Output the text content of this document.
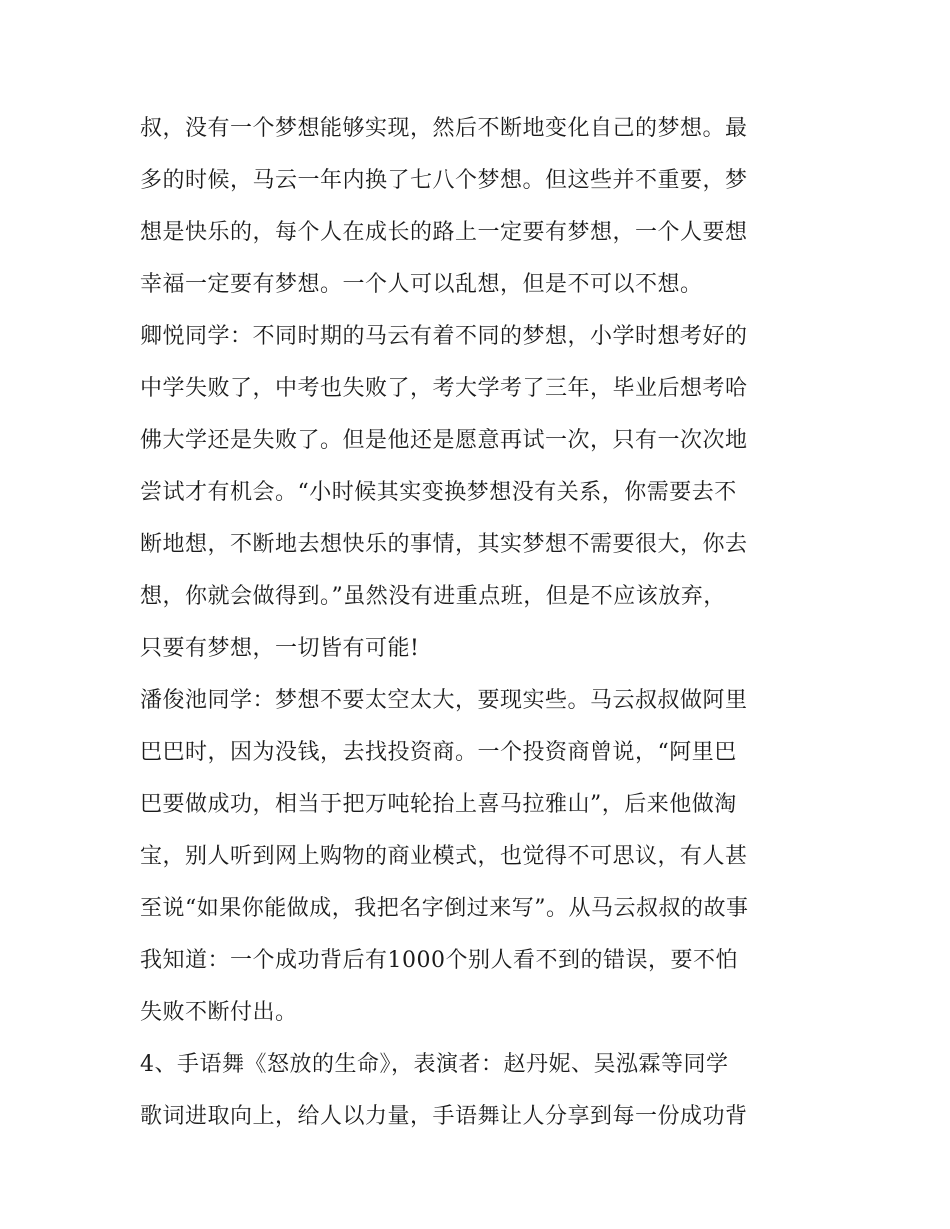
叔，没有一个梦想能够实现，然后不断地变化自己的梦想。最
多的时候，马云一年内换了七八个梦想。但这些并不重要，梦
想是快乐的，每个人在成长的路上一定要有梦想，一个人要想
幸福一定要有梦想。一个人可以乱想，但是不可以不想。
卿悦同学：不同时期的马云有着不同的梦想，小学时想考好的
中学失败了，中考也失败了，考大学考了三年，毕业后想考哈
佛大学还是失败了。但是他还是愿意再试一次，只有一次次地
尝试才有机会。“小时候其实变换梦想没有关系，你需要去不
断地想，不断地去想快乐的事情，其实梦想不需要很大，你去
想，你就会做得到。”虽然没有进重点班，但是不应该放弃，
只要有梦想，一切皆有可能!
潘俊池同学：梦想不要太空太大，要现实些。马云叔叔做阿里
巴巴时，因为没钱，去找投资商。一个投资商曾说，“阿里巴
巴要做成功，相当于把万吨轮抬上喜马拉雅山”，后来他做淘
宝，别人听到网上购物的商业模式，也觉得不可思议，有人甚
至说“如果你能做成，我把名字倒过来写”。从马云叔叔的故事
我知道：一个成功背后有1000个别人看不到的错误，要不怕
失败不断付出。
4、手语舞《怒放的生命》，表演者：赵丹妮、吴泓霖等同学
歌词进取向上，给人以力量，手语舞让人分享到每一份成功背
